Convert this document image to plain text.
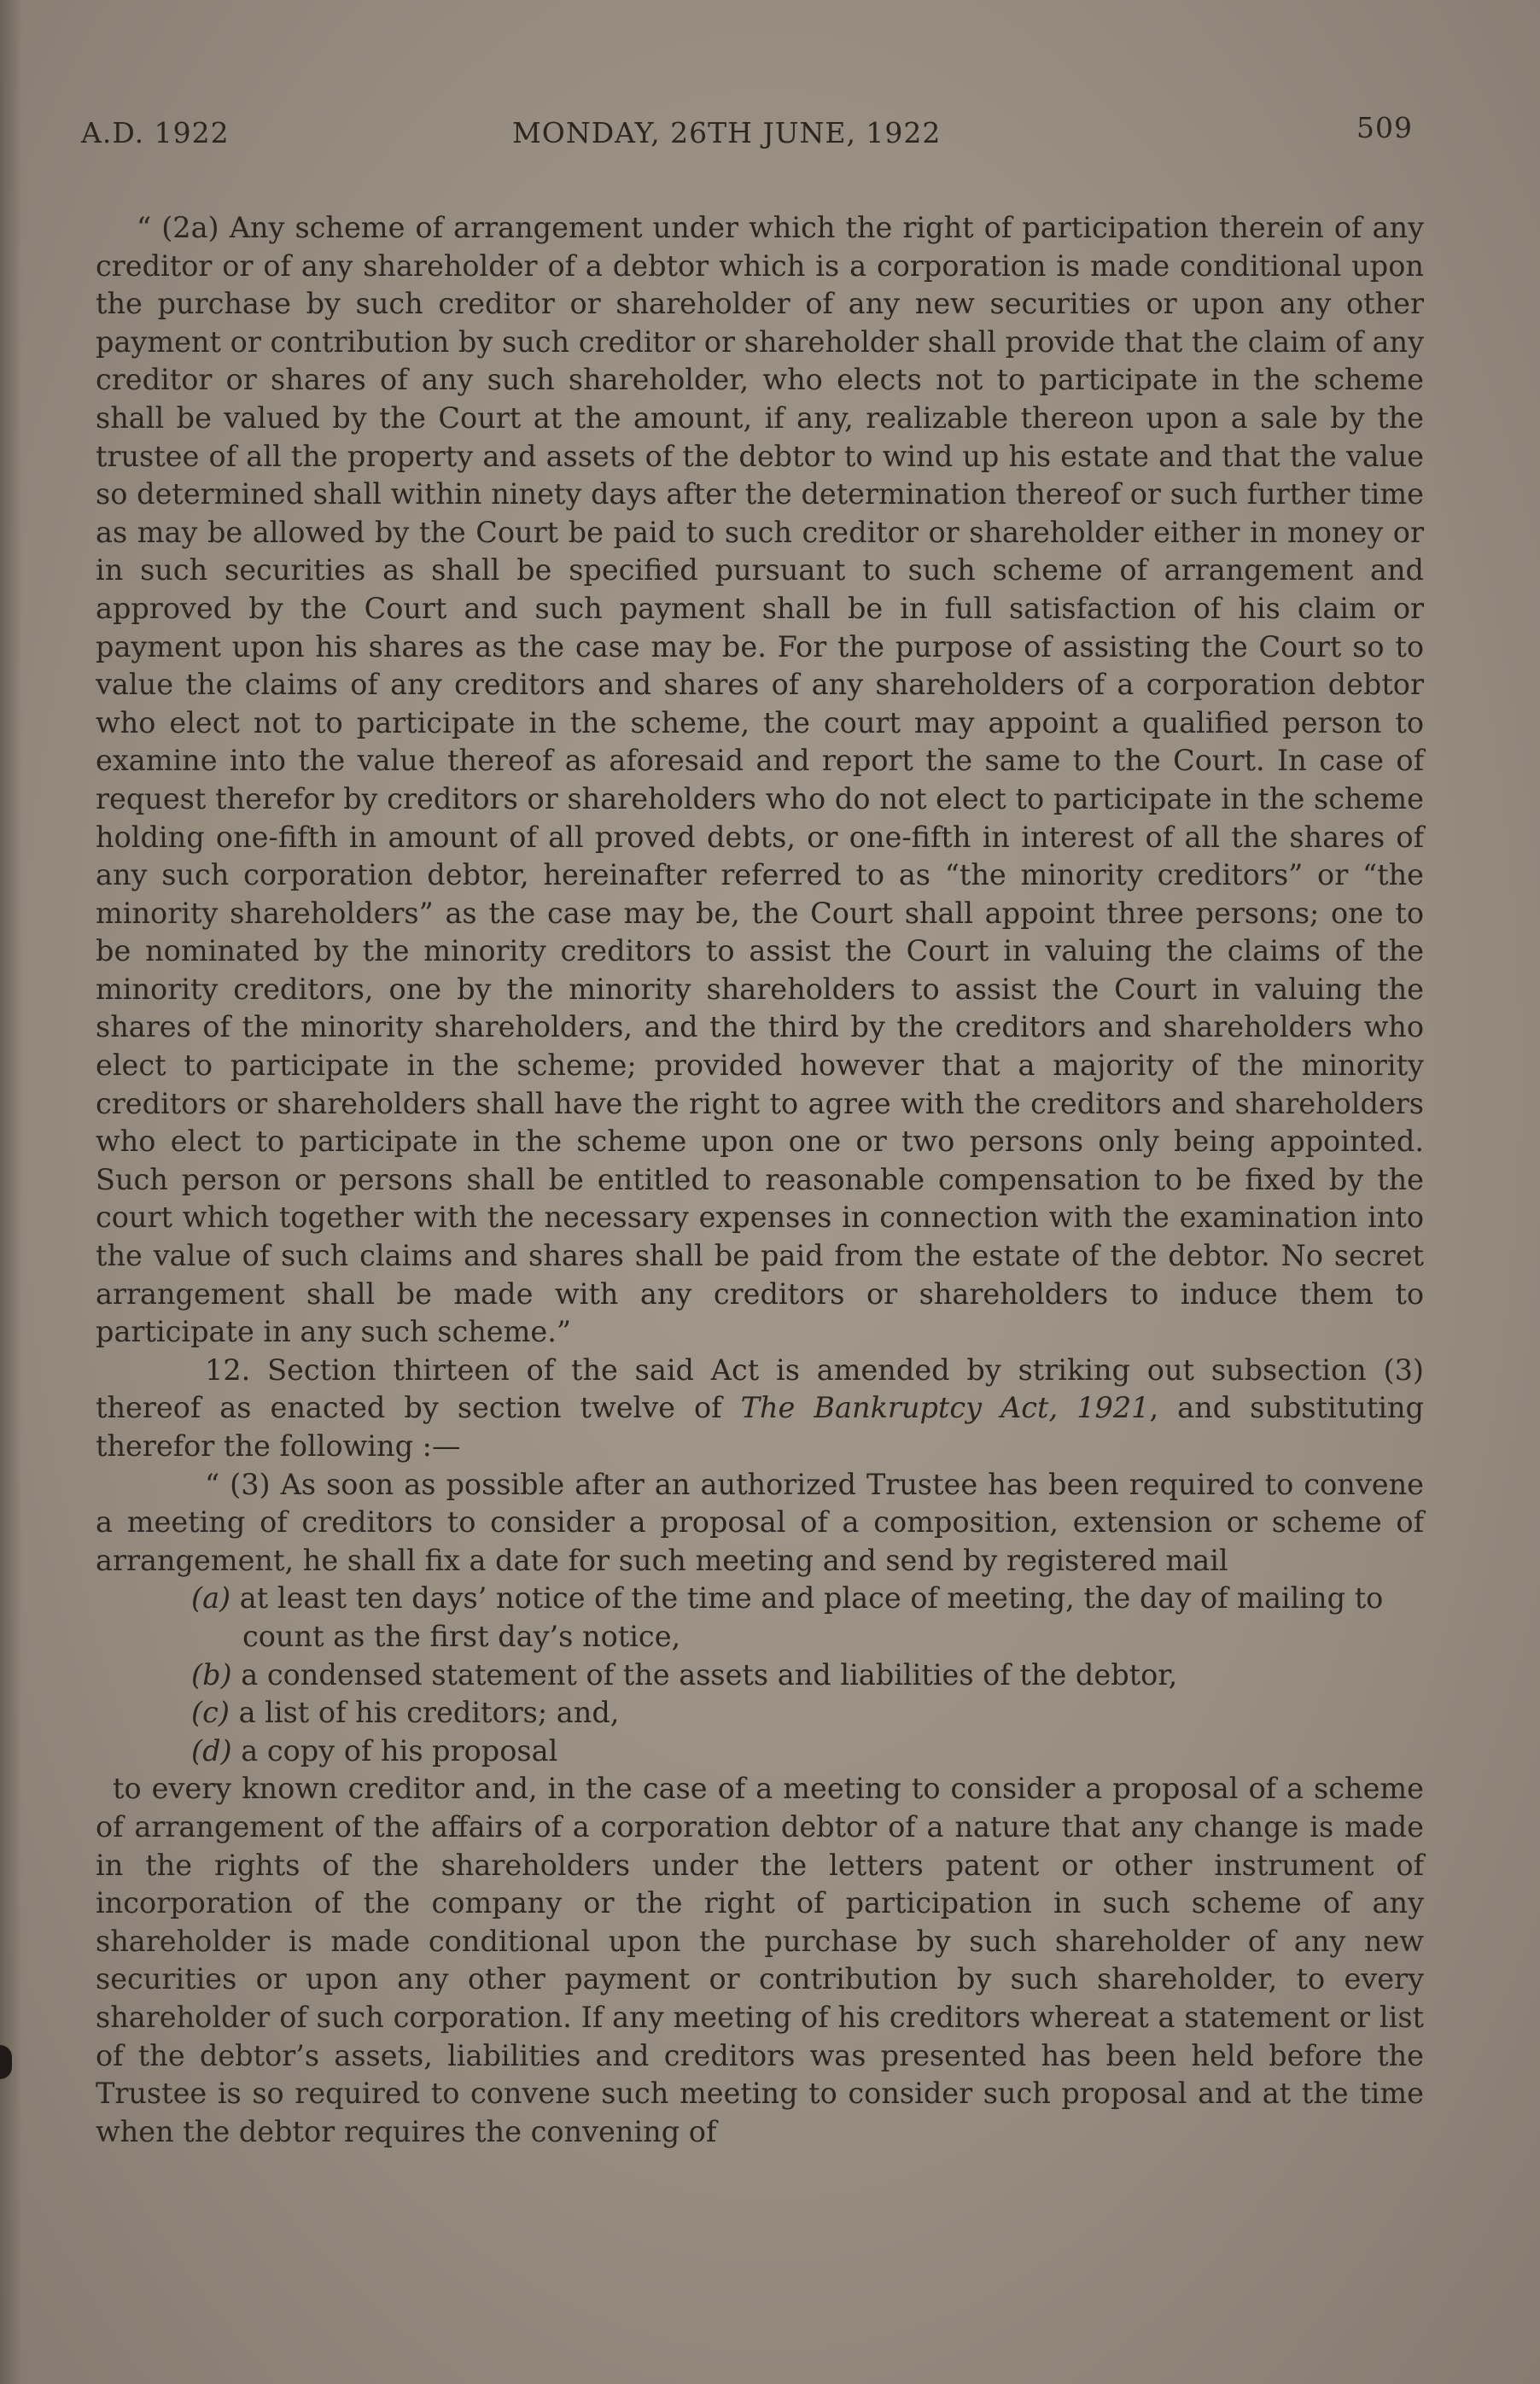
A.D. 1922	MONDAY, 26TH JUNE, 1922	509

“ (2a) Any scheme of arrangement under which the right of participation therein of any creditor or of any shareholder of a debtor which is a corporation is made conditional upon the purchase by such creditor or shareholder of any new securities or upon any other payment or contribution by such creditor or shareholder shall provide that the claim of any creditor or shares of any such shareholder, who elects not to participate in the scheme shall be valued by the Court at the amount, if any, realizable thereon upon a sale by the trustee of all the property and assets of the debtor to wind up his estate and that the value so determined shall within ninety days after the determination thereof or such further time as may be allowed by the Court be paid to such creditor or shareholder either in money or in such securities as shall be specified pursuant to such scheme of arrangement and approved by the Court and such payment shall be in full satisfaction of his claim or payment upon his shares as the case may be. For the purpose of assisting the Court so to value the claims of any creditors and shares of any shareholders of a corporation debtor who elect not to participate in the scheme, the court may appoint a qualified person to examine into the value thereof as aforesaid and report the same to the Court. In case of request therefor by creditors or shareholders who do not elect to participate in the scheme holding one-fifth in amount of all proved debts, or one-fifth in interest of all the shares of any such corporation debtor, hereinafter referred to as “the minority creditors” or “the minority shareholders” as the case may be, the Court shall appoint three persons; one to be nominated by the minority creditors to assist the Court in valuing the claims of the minority creditors, one by the minority shareholders to assist the Court in valuing the shares of the minority shareholders, and the third by the creditors and shareholders who elect to participate in the scheme; provided however that a majority of the minority creditors or shareholders shall have the right to agree with the creditors and shareholders who elect to participate in the scheme upon one or two persons only being appointed. Such person or persons shall be entitled to reasonable compensation to be fixed by the court which together with the necessary expenses in connection with the examination into the value of such claims and shares shall be paid from the estate of the debtor. No secret arrangement shall be made with any creditors or shareholders to induce them to participate in any such scheme.”

12. Section thirteen of the said Act is amended by striking out subsection (3) thereof as enacted by section twelve of The Bankruptcy Act, 1921, and substituting therefor the following :—

“ (3) As soon as possible after an authorized Trustee has been required to convene a meeting of creditors to consider a proposal of a composition, extension or scheme of arrangement, he shall fix a date for such meeting and send by registered mail

(a) at least ten days’ notice of the time and place of meeting, the day of mailing to count as the first day’s notice,
(b) a condensed statement of the assets and liabilities of the debtor,
(c) a list of his creditors; and,
(d) a copy of his proposal

to every known creditor and, in the case of a meeting to consider a proposal of a scheme of arrangement of the affairs of a corporation debtor of a nature that any change is made in the rights of the shareholders under the letters patent or other instrument of incorporation of the company or the right of participation in such scheme of any shareholder is made conditional upon the purchase by such shareholder of any new securities or upon any other payment or contribution by such shareholder, to every shareholder of such corporation. If any meeting of his creditors whereat a statement or list of the debtor’s assets, liabilities and creditors was presented has been held before the Trustee is so required to convene such meeting to consider such proposal and at the time when the debtor requires the convening of
